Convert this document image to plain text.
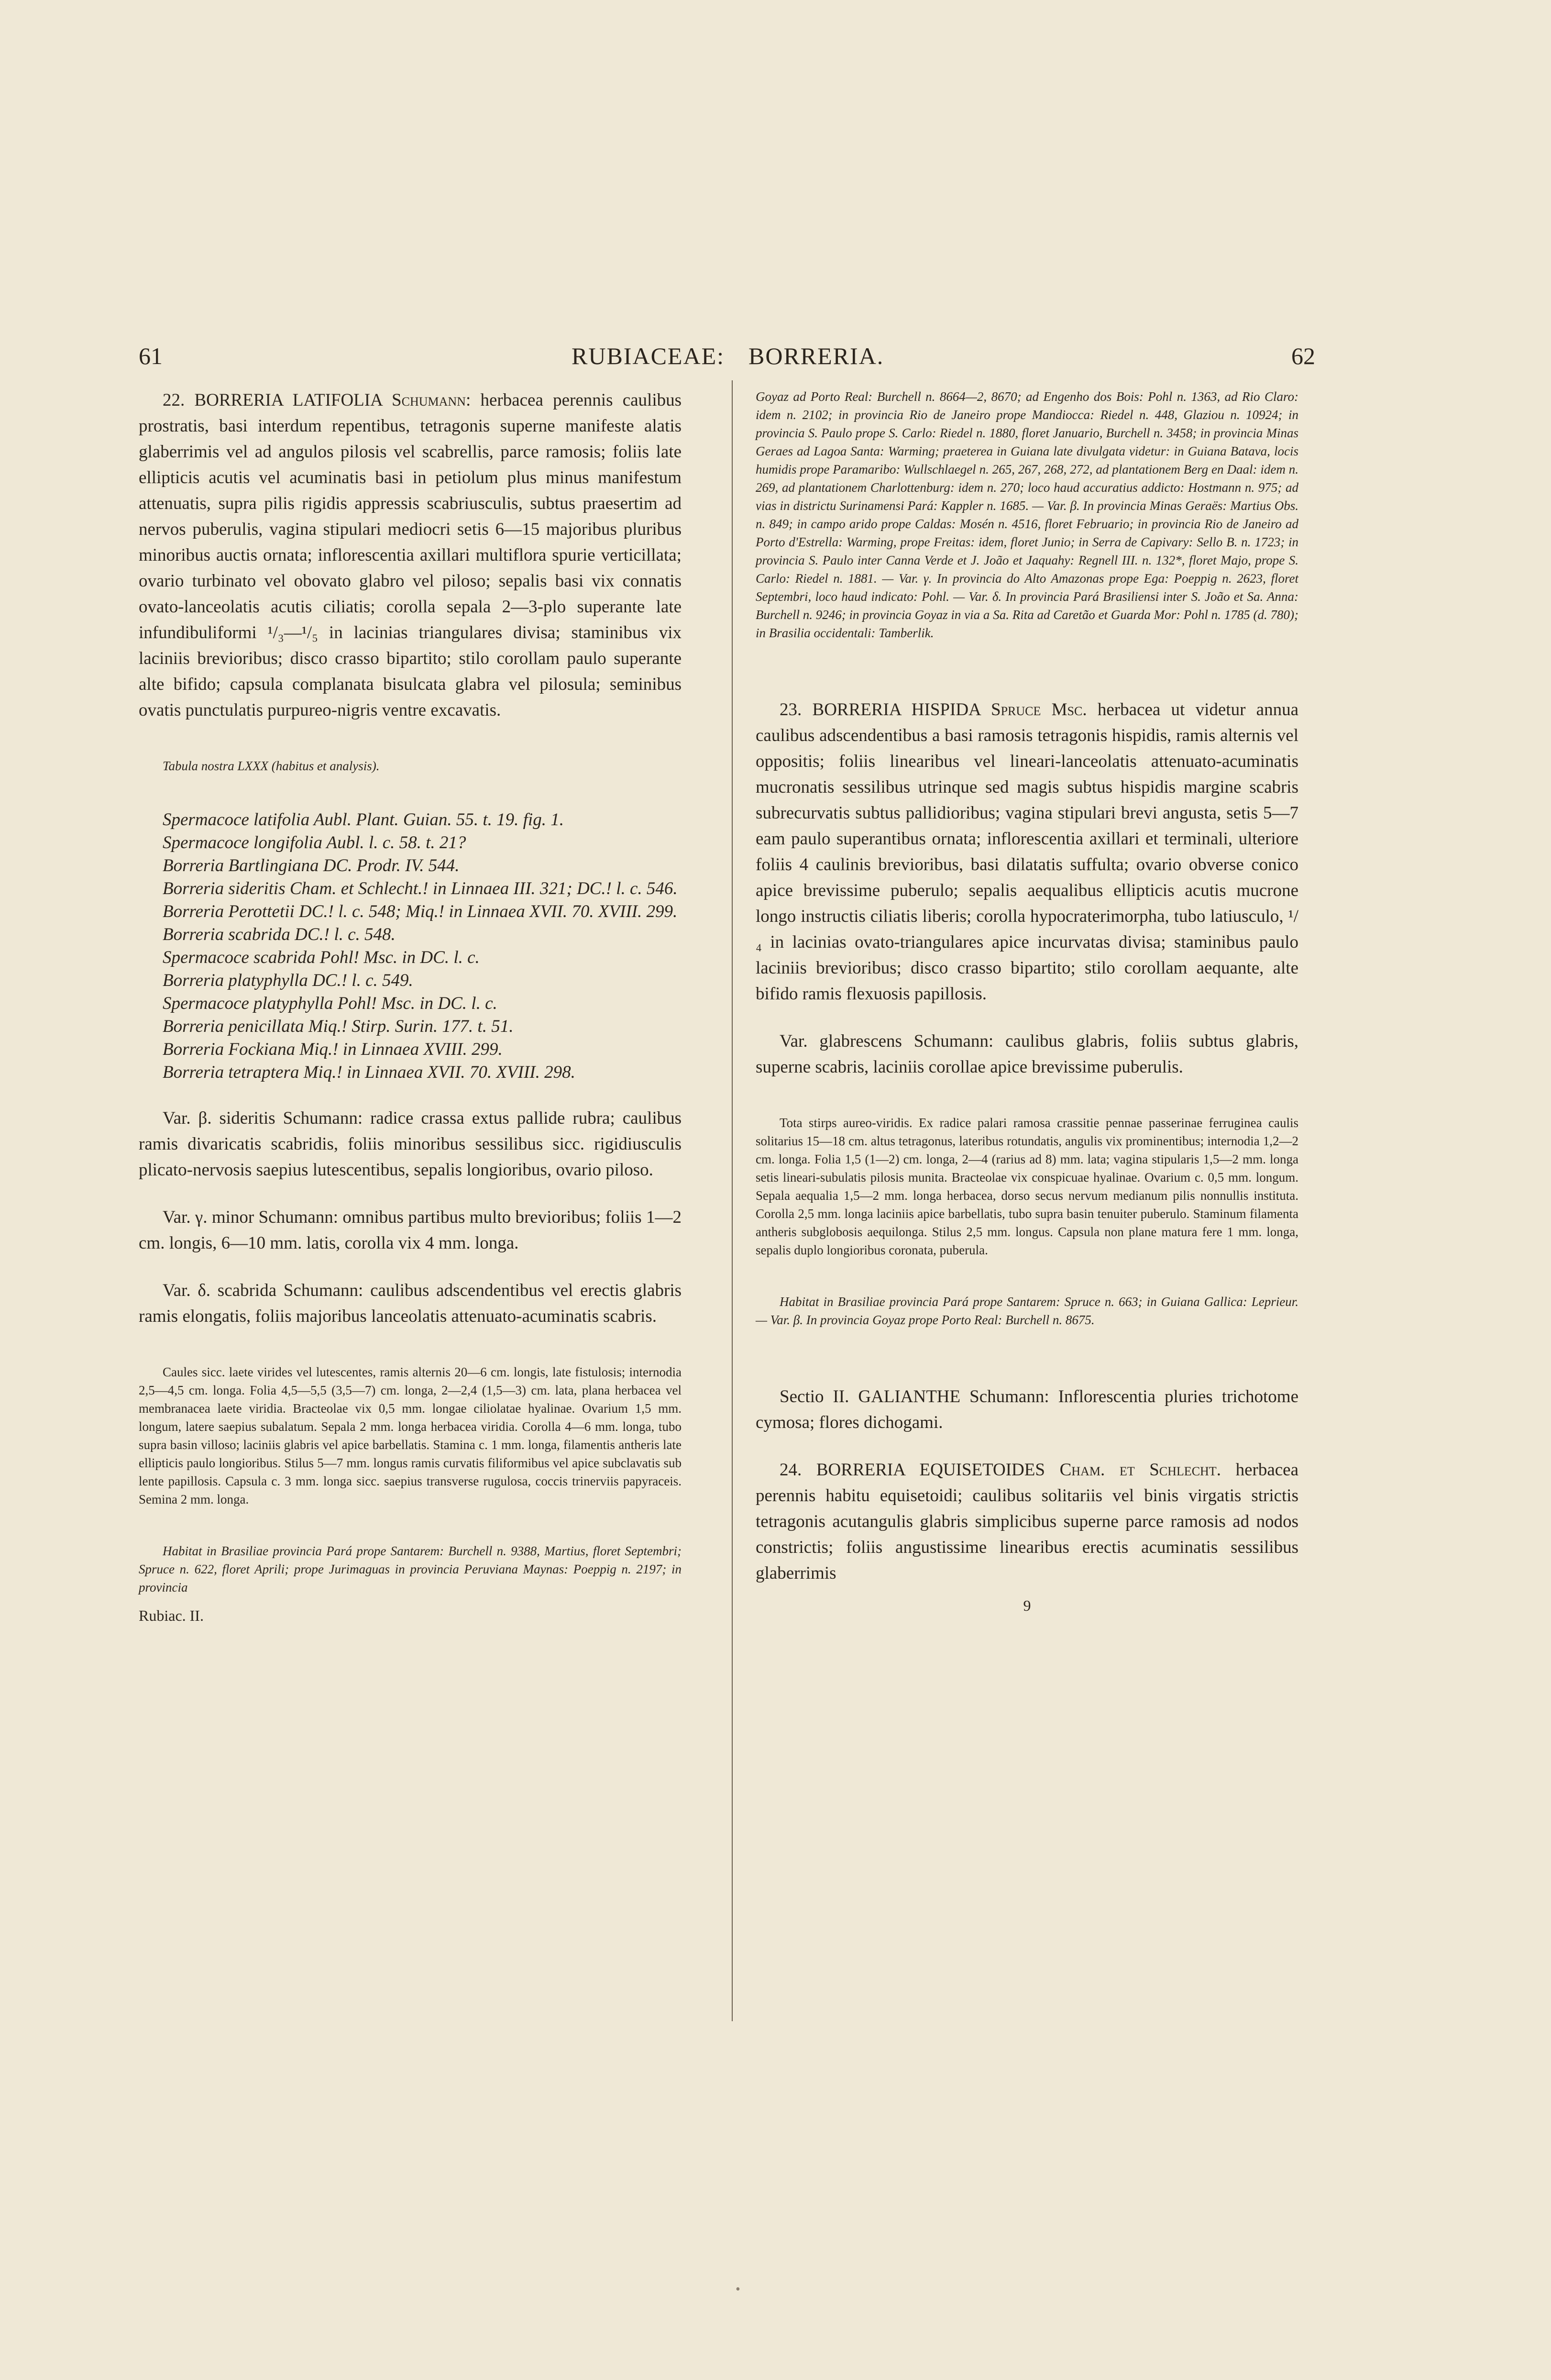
61	RUBIACEAE: BORRERIA.	62

22. BORRERIA LATIFOLIA Schumann: herbacea perennis caulibus prostratis, basi interdum repentibus, tetragonis superne manifeste alatis glaberrimis vel ad angulos pilosis vel scabrellis, parce ramosis; foliis late ellipticis acutis vel acuminatis basi in petiolum plus minus manifestum attenuatis, supra pilis rigidis appressis scabriusculis, subtus praesertim ad nervos puberulis, vagina stipulari mediocri setis 6—15 majoribus pluribus minoribus auctis ornata; inflorescentia axillari multiflora spurie verticillata; ovario turbinato vel obovato glabro vel piloso; sepalis basi vix connatis ovato-lanceolatis acutis ciliatis; corolla sepala 2—3-plo superante late infundibuliformi ¹/₃—¹/₅ in lacinias triangulares divisa; staminibus vix laciniis brevioribus; disco crasso bipartito; stilo corollam paulo superante alte bifido; capsula complanata bisulcata glabra vel pilosula; seminibus ovatis punctulatis purpureo-nigris ventre excavatis.

Tabula nostra LXXX (habitus et analysis).

Spermacoce latifolia Aubl. Plant. Guian. 55. t. 19. fig. 1.

Spermacoce longifolia Aubl. l. c. 58. t. 21?

Borreria Bartlingiana DC. Prodr. IV. 544.

Borreria sideritis Cham. et Schlecht.! in Linnaea III. 321; DC.! l. c. 546.

Borreria Perottetii DC.! l. c. 548; Miq.! in Linnaea XVII. 70. XVIII. 299.

Borreria scabrida DC.! l. c. 548.

Spermacoce scabrida Pohl! Msc. in DC. l. c.

Borreria platyphylla DC.! l. c. 549.

Spermacoce platyphylla Pohl! Msc. in DC. l. c.

Borreria penicillata Miq.! Stirp. Surin. 177. t. 51.

Borreria Fockiana Miq.! in Linnaea XVIII. 299.

Borreria tetraptera Miq.! in Linnaea XVII. 70. XVIII. 298.

Var. β. sideritis Schumann: radice crassa extus pallide rubra; caulibus ramis divaricatis scabridis, foliis minoribus sessilibus sicc. rigidiusculis plicato-nervosis saepius lutescentibus, sepalis longioribus, ovario piloso.

Var. γ. minor Schumann: omnibus partibus multo brevioribus; foliis 1—2 cm. longis, 6—10 mm. latis, corolla vix 4 mm. longa.

Var. δ. scabrida Schumann: caulibus adscendentibus vel erectis glabris ramis elongatis, foliis majoribus lanceolatis attenuato-acuminatis scabris.

Caules sicc. laete virides vel lutescentes, ramis alternis 20—6 cm. longis, late fistulosis; internodia 2,5—4,5 cm. longa. Folia 4,5—5,5 (3,5—7) cm. longa, 2—2,4 (1,5—3) cm. lata, plana herbacea vel membranacea laete viridia. Bracteolae vix 0,5 mm. longae ciliolatae hyalinae. Ovarium 1,5 mm. longum, latere saepius subalatum. Sepala 2 mm. longa herbacea viridia. Corolla 4—6 mm. longa, tubo supra basin villoso; laciniis glabris vel apice barbellatis. Stamina c. 1 mm. longa, filamentis antheris late ellipticis paulo longioribus. Stilus 5—7 mm. longus ramis curvatis filiformibus vel apice subclavatis sub lente papillosis. Capsula c. 3 mm. longa sicc. saepius transverse rugulosa, coccis trinerviis papyraceis. Semina 2 mm. longa.

Habitat in Brasiliae provincia Pará prope Santarem: Burchell n. 9388, Martius, floret Septembri; Spruce n. 622, floret Aprili; prope Jurimaguas in provincia Peruviana Maynas: Poeppig n. 2197; in provincia

Rubiac. II.

Goyaz ad Porto Real: Burchell n. 8664—2, 8670; ad Engenho dos Bois: Pohl n. 1363, ad Rio Claro: idem n. 2102; in provincia Rio de Janeiro prope Mandiocca: Riedel n. 448, Glaziou n. 10924; in provincia S. Paulo prope S. Carlo: Riedel n. 1880, floret Januario, Burchell n. 3458; in provincia Minas Geraes ad Lagoa Santa: Warming; praeterea in Guiana late divulgata videtur: in Guiana Batava, locis humidis prope Paramaribo: Wullschlaegel n. 265, 267, 268, 272, ad plantationem Berg en Daal: idem n. 269, ad plantationem Charlottenburg: idem n. 270; loco haud accuratius addicto: Hostmann n. 975; ad vias in districtu Surinamensi Pará: Kappler n. 1685. — Var. β. In provincia Minas Geraës: Martius Obs. n. 849; in campo arido prope Caldas: Mosén n. 4516, floret Februario; in provincia Rio de Janeiro ad Porto d'Estrella: Warming, prope Freitas: idem, floret Junio; in Serra de Capivary: Sello B. n. 1723; in provincia S. Paulo inter Canna Verde et J. João et Jaquahy: Regnell III. n. 132*, floret Majo, prope S. Carlo: Riedel n. 1881. — Var. γ. In provincia do Alto Amazonas prope Ega: Poeppig n. 2623, floret Septembri, loco haud indicato: Pohl. — Var. δ. In provincia Pará Brasiliensi inter S. João et Sa. Anna: Burchell n. 9246; in provincia Goyaz in via a Sa. Rita ad Caretão et Guarda Mor: Pohl n. 1785 (d. 780); in Brasilia occidentali: Tamberlik.

23. BORRERIA HISPIDA Spruce Msc. herbacea ut videtur annua caulibus adscendentibus a basi ramosis tetragonis hispidis, ramis alternis vel oppositis; foliis linearibus vel lineari-lanceolatis attenuato-acuminatis mucronatis sessilibus utrinque sed magis subtus hispidis margine scabris subrecurvatis subtus pallidioribus; vagina stipulari brevi angusta, setis 5—7 eam paulo superantibus ornata; inflorescentia axillari et terminali, ulteriore foliis 4 caulinis brevioribus, basi dilatatis suffulta; ovario obverse conico apice brevissime puberulo; sepalis aequalibus ellipticis acutis mucrone longo instructis ciliatis liberis; corolla hypocraterimorpha, tubo latiusculo, ¹/₄ in lacinias ovato-triangulares apice incurvatas divisa; staminibus paulo laciniis brevioribus; disco crasso bipartito; stilo corollam aequante, alte bifido ramis flexuosis papillosis.

Var. glabrescens Schumann: caulibus glabris, foliis subtus glabris, superne scabris, laciniis corollae apice brevissime puberulis.

Tota stirps aureo-viridis. Ex radice palari ramosa crassitie pennae passerinae ferruginea caulis solitarius 15—18 cm. altus tetragonus, lateribus rotundatis, angulis vix prominentibus; internodia 1,2—2 cm. longa. Folia 1,5 (1—2) cm. longa, 2—4 (rarius ad 8) mm. lata; vagina stipularis 1,5—2 mm. longa setis lineari-subulatis pilosis munita. Bracteolae vix conspicuae hyalinae. Ovarium c. 0,5 mm. longum. Sepala aequalia 1,5—2 mm. longa herbacea, dorso secus nervum medianum pilis nonnullis instituta. Corolla 2,5 mm. longa laciniis apice barbellatis, tubo supra basin tenuiter puberulo. Staminum filamenta antheris subglobosis aequilonga. Stilus 2,5 mm. longus. Capsula non plane matura fere 1 mm. longa, sepalis duplo longioribus coronata, puberula.

Habitat in Brasiliae provincia Pará prope Santarem: Spruce n. 663; in Guiana Gallica: Leprieur. — Var. β. In provincia Goyaz prope Porto Real: Burchell n. 8675.

Sectio II. GALIANTHE Schumann: Inflorescentia pluries trichotome cymosa; flores dichogami.

24. BORRERIA EQUISETOIDES Cham. et Schlecht. herbacea perennis habitu equisetoidi; caulibus solitariis vel binis virgatis strictis tetragonis acutangulis glabris simplicibus superne parce ramosis ad nodos constrictis; foliis angustissime linearibus erectis acuminatis sessilibus glaberrimis

9

•
